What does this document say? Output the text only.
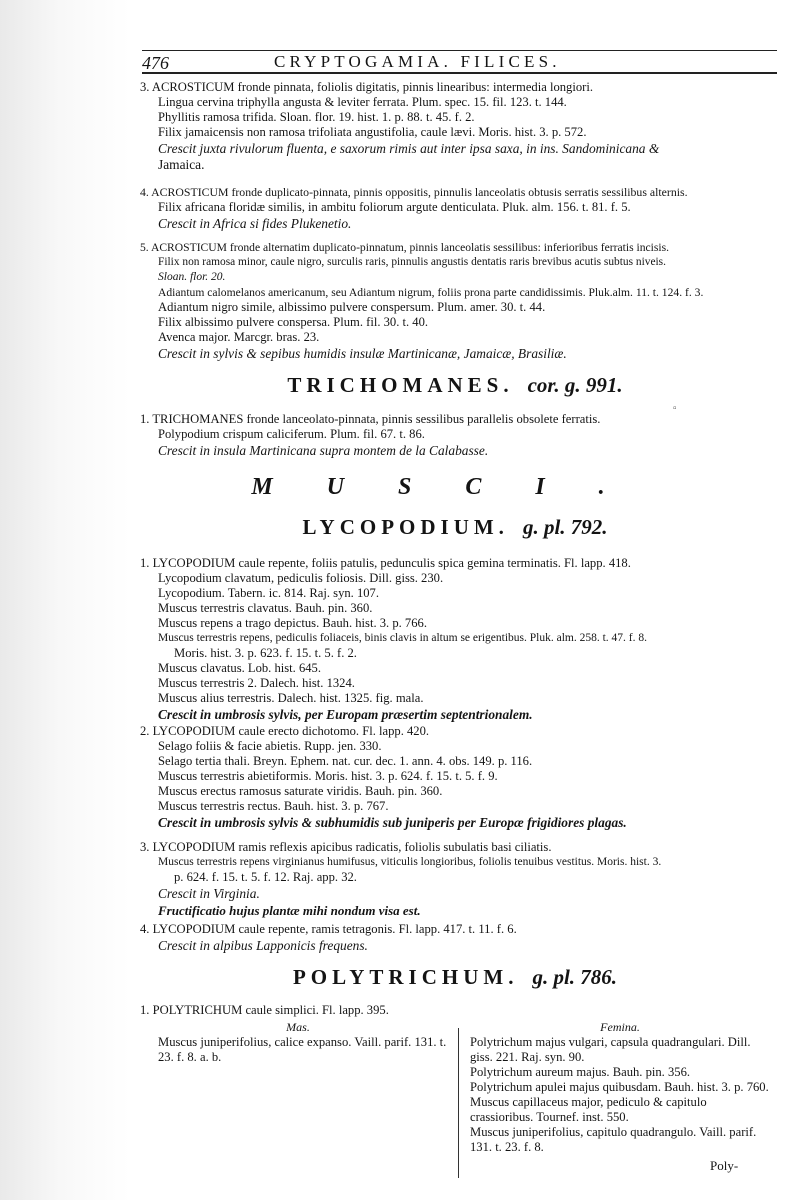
476	CRYPTOGAMIA. FILICES.
3. ACROSTICUM fronde pinnata, foliolis digitatis, pinnis linearibus: intermedia longiori.
Lingua cervina triphylla angusta & leviter ferrata. Plum. spec. 15. fil. 123. t. 144.
Phyllitis ramosa trifida. Sloan. flor. 19. hist. 1. p. 88. t. 45. f. 2.
Filix jamaicensis non ramosa trifoliata angustifolia, caule lævi. Moris. hist. 3. p. 572.
Crescit juxta rivulorum fluenta, e saxorum rimis aut inter ipsa saxa, in ins. Sandominicana &
Jamaica.
4. ACROSTICUM fronde duplicato-pinnata, pinnis oppositis, pinnulis lanceolatis obtusis serratis sessilibus alternis.
Filix africana floridæ similis, in ambitu foliorum argute denticulata. Pluk. alm. 156. t. 81. f. 5.
Crescit in Africa si fides Plukenetio.
5. ACROSTICUM fronde alternatim duplicato-pinnatum, pinnis lanceolatis sessilibus: inferioribus ferratis incisis.
Filix non ramosa minor, caule nigro, surculis raris, pinnulis angustis dentatis raris brevibus acutis subtus niveis.
Sloan. flor. 20.
Adiantum calomelanos americanum, seu Adiantum nigrum, foliis prona parte candidissimis. Pluk.alm. 11. t. 124. f. 3.
Adiantum nigro simile, albissimo pulvere conspersum. Plum. amer. 30. t. 44.
Filix albissimo pulvere conspersa. Plum. fil. 30. t. 40.
Avenca major. Marcgr. bras. 23.
Crescit in sylvis & sepibus humidis insulæ Martinicanæ, Jamaicæ, Brasiliæ.
TRICHOMANES. cor. g. 991.
▫
1. TRICHOMANES fronde lanceolato-pinnata, pinnis sessilibus parallelis obsolete ferratis.
Polypodium crispum caliciferum. Plum. fil. 67. t. 86.
Crescit in insula Martinicana supra montem de la Calabasse.
MUSCI.
LYCOPODIUM. g. pl. 792.
1. LYCOPODIUM caule repente, foliis patulis, pedunculis spica gemina terminatis. Fl. lapp. 418.
Lycopodium clavatum, pediculis foliosis. Dill. giss. 230.
Lycopodium. Tabern. ic. 814. Raj. syn. 107.
Muscus terrestris clavatus. Bauh. pin. 360.
Muscus repens a trago depictus. Bauh. hist. 3. p. 766.
Muscus terrestris repens, pediculis foliaceis, binis clavis in altum se erigentibus. Pluk. alm. 258. t. 47. f. 8.
Moris. hist. 3. p. 623. f. 15. t. 5. f. 2.
Muscus clavatus. Lob. hist. 645.
Muscus terrestris 2. Dalech. hist. 1324.
Muscus alius terrestris. Dalech. hist. 1325. fig. mala.
Crescit in umbrosis sylvis, per Europam præsertim septentrionalem.
2. LYCOPODIUM caule erecto dichotomo. Fl. lapp. 420.
Selago foliis & facie abietis. Rupp. jen. 330.
Selago tertia thali. Breyn. Ephem. nat. cur. dec. 1. ann. 4. obs. 149. p. 116.
Muscus terrestris abietiformis. Moris. hist. 3. p. 624. f. 15. t. 5. f. 9.
Muscus erectus ramosus saturate viridis. Bauh. pin. 360.
Muscus terrestris rectus. Bauh. hist. 3. p. 767.
Crescit in umbrosis sylvis & subhumidis sub juniperis per Europæ frigidiores plagas.
3. LYCOPODIUM ramis reflexis apicibus radicatis, foliolis subulatis basi ciliatis.
Muscus terrestris repens virginianus humifusus, viticulis longioribus, foliolis tenuibus vestitus. Moris. hist. 3.
p. 624. f. 15. t. 5. f. 12. Raj. app. 32.
Crescit in Virginia.
Fructificatio hujus plantæ mihi nondum visa est.
4. LYCOPODIUM caule repente, ramis tetragonis. Fl. lapp. 417. t. 11. f. 6.
Crescit in alpibus Lapponicis frequens.
POLYTRICHUM. g. pl. 786.
1. POLYTRICHUM caule simplici. Fl. lapp. 395.
Mas.
Muscus juniperifolius, calice expanso. Vaill. parif. 131. t. 23. f. 8. a. b.
Femina.
Polytrichum majus vulgari, capsula quadrangulari. Dill. giss. 221. Raj. syn. 90.
Polytrichum aureum majus. Bauh. pin. 356.
Polytrichum apulei majus quibusdam. Bauh. hist. 3. p. 760.
Muscus capillaceus major, pediculo & capitulo crassioribus. Tournef. inst. 550.
Muscus juniperifolius, capitulo quadrangulo. Vaill. parif. 131. t. 23. f. 8.
Poly-
